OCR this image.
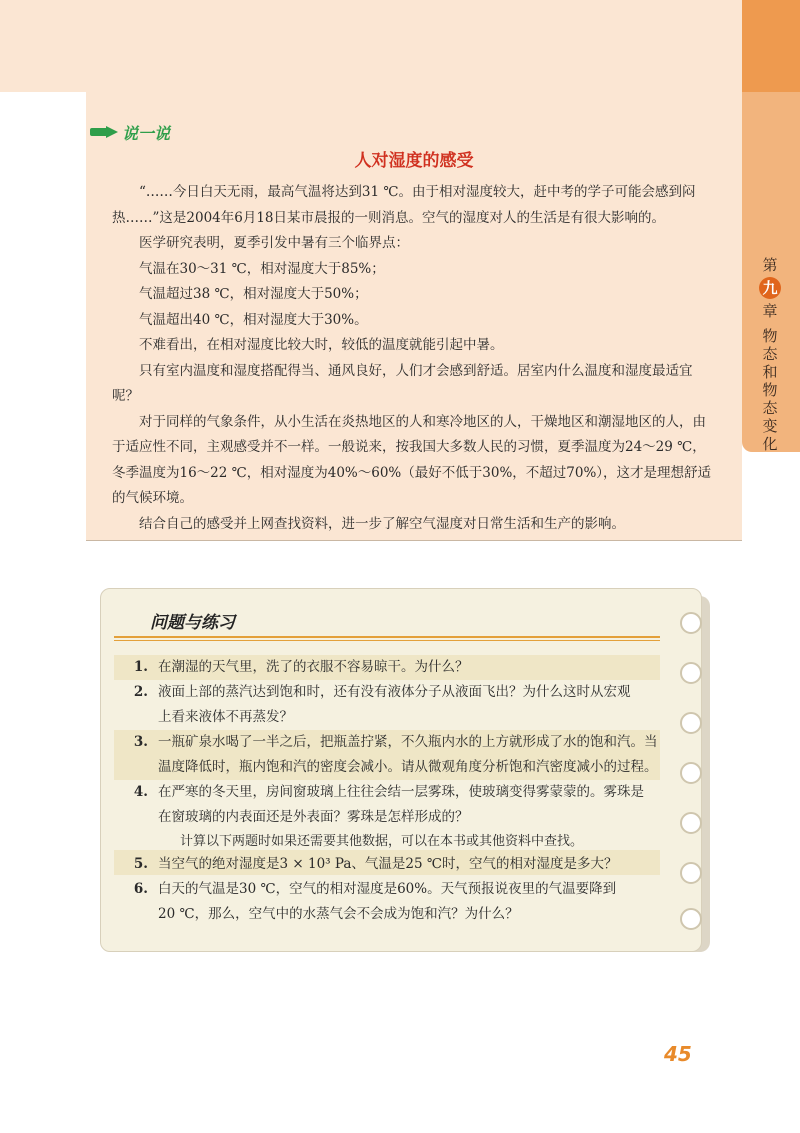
第
九
章
物态和物态变化
说一说
人对湿度的感受

“……今日白天无雨，最高气温将达到31 ℃。由于相对湿度较大，赶中考的学子可能会感到闷热……”这是2004年6月18日某市晨报的一则消息。空气的湿度对人的生活是有很大影响的。

医学研究表明，夏季引发中暑有三个临界点：

气温在30～31 ℃，相对湿度大于85%；

气温超过38 ℃，相对湿度大于50%；

气温超出40 ℃，相对湿度大于30%。

不难看出，在相对湿度比较大时，较低的温度就能引起中暑。

只有室内温度和湿度搭配得当、通风良好，人们才会感到舒适。居室内什么温度和湿度最适宜呢？

对于同样的气象条件，从小生活在炎热地区的人和寒冷地区的人，干燥地区和潮湿地区的人，由于适应性不同，主观感受并不一样。一般说来，按我国大多数人民的习惯，夏季温度为24～29 ℃，冬季温度为16～22 ℃，相对湿度为40%～60%（最好不低于30%，不超过70%），这才是理想舒适的气候环境。

结合自己的感受并上网查找资料，进一步了解空气湿度对日常生活和生产的影响。

问题与练习
1. 在潮湿的天气里，洗了的衣服不容易晾干。为什么？
2. 液面上部的蒸汽达到饱和时，还有没有液体分子从液面飞出？为什么这时从宏观
上看来液体不再蒸发？
3. 一瓶矿泉水喝了一半之后，把瓶盖拧紧，不久瓶内水的上方就形成了水的饱和汽。当
温度降低时，瓶内饱和汽的密度会减小。请从微观角度分析饱和汽密度减小的过程。
4. 在严寒的冬天里，房间窗玻璃上往往会结一层雾珠，使玻璃变得雾蒙蒙的。雾珠是
在窗玻璃的内表面还是外表面？雾珠是怎样形成的？
计算以下两题时如果还需要其他数据，可以在本书或其他资料中查找。
5. 当空气的绝对湿度是3 × 10³ Pa、气温是25 ℃时，空气的相对湿度是多大？
6. 白天的气温是30 ℃，空气的相对湿度是60%。天气预报说夜里的气温要降到
20 ℃，那么，空气中的水蒸气会不会成为饱和汽？为什么？
45
